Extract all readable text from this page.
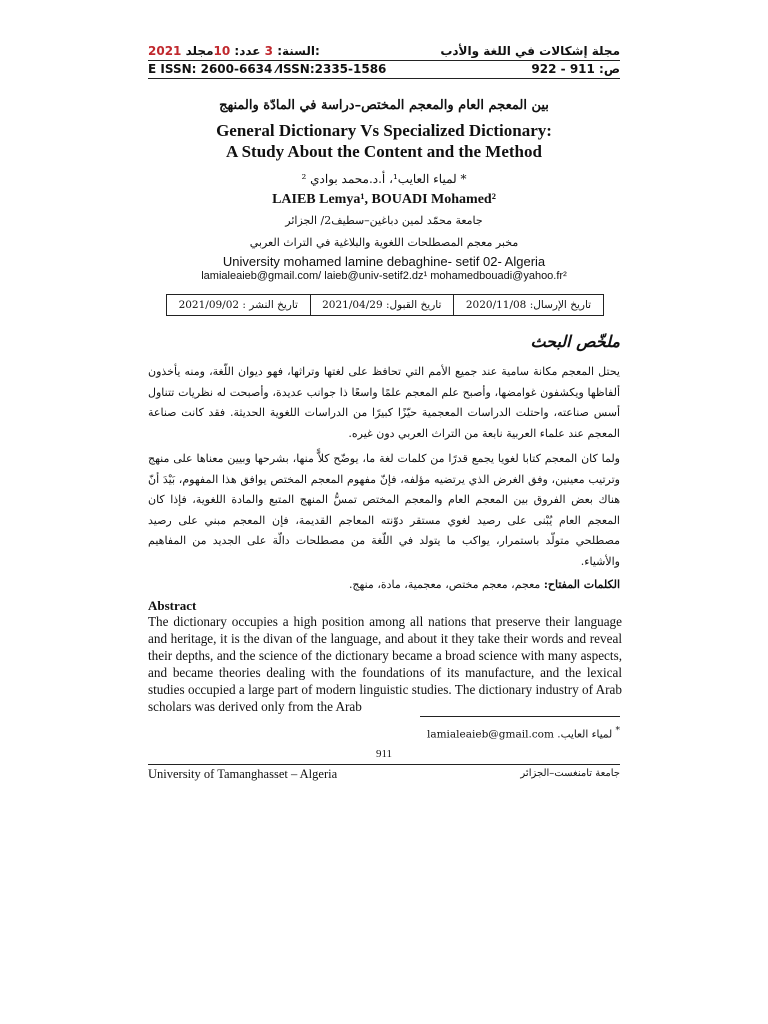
2021 السنة: 3 عدد: 10مجلد:	مجلة إشكالات في اللغة والأدب
E ISSN: 2600-6634 ⁄ISSN:2335-1586	ص: 911 - 922
بين المعجم العام والمعجم المختص–دراسة في المادّة والمنهج
General Dictionary Vs Specialized Dictionary:
A Study About the Content and the Method
* لمياء العايب¹، أ.د.محمد بوادي ²
LAIEB Lemya¹, BOUADI Mohamed²
جامعة محمّد لمين دباغين–سطيف2/ الجزائر
مخبر معجم المصطلحات اللغوية والبلاغية في التراث العربي
University mohamed lamine debaghine- setif 02- Algeria
lamialeaieb@gmail.com/ laieb@univ-setif2.dz¹ mohamedbouadi@yahoo.fr²
تاريخ الإرسال: 2020/11/08	تاريخ القبول: 2021/04/29	تاريخ النشر : 2021/09/02
ملخّص البحث

يحتل المعجم مكانة سامية عند جميع الأمم التي تحافظ على لغتها وتراثها، فهو ديوان اللّغة، ومنه يأخذون ألفاظها ويكشفون غوامضها، وأصبح علم المعجم علمًا واسعًا ذا جوانب عديدة، وأصبحت له نظريات تتناول أسس صناعته، واحتلت الدراسات المعجمية حيّزًا كبيرًا من الدراسات اللغوية الحديثة. فقد كانت صناعة المعجم عند علماء العربية نابعة من التراث العربي دون غيره.

ولما كان المعجم كتابا لغويا يجمع قدرًا من كلمات لغة ما، يوضّح كلاًّ منها، بشرحها وبيين معناها على منهج وترتيب معينين، وفق الغرض الذي يرتضيه مؤلفه، فإنّ مفهوم المعجم المختص يوافق هذا المفهوم، بَيْدَ أنّ هناك بعض الفروق بين المعجم العام والمعجم المختص تمسُّ المنهج المتبع والمادة اللغوية، فإذا كان المعجم العام يُبْنى على رصيد لغوي مستقر دوّنته المعاجم القديمة، فإن المعجم مبني على رصيد مصطلحي متولّد باستمرار، يواكب ما يتولد في اللّغة من مصطلحات دالّة على الجديد من المفاهيم والأشياء.

الكلمات المفتاح: معجم، معجم مختص، معجمية، مادة، منهج.
Abstract
The dictionary occupies a high position among all nations that preserve their language and heritage, it is the divan of the language, and about it they take their words and reveal their depths, and the science of the dictionary became a broad science with many aspects, and became theories dealing with the foundations of its manufacture, and the lexical studies occupied a large part of modern linguistic studies. The dictionary industry of Arab scholars was derived only from the Arab
* لمياء العايب. lamialeaieb@gmail.com
911
University of Tamanghasset – Algeria	جامعة تامنغست–الجزائر
